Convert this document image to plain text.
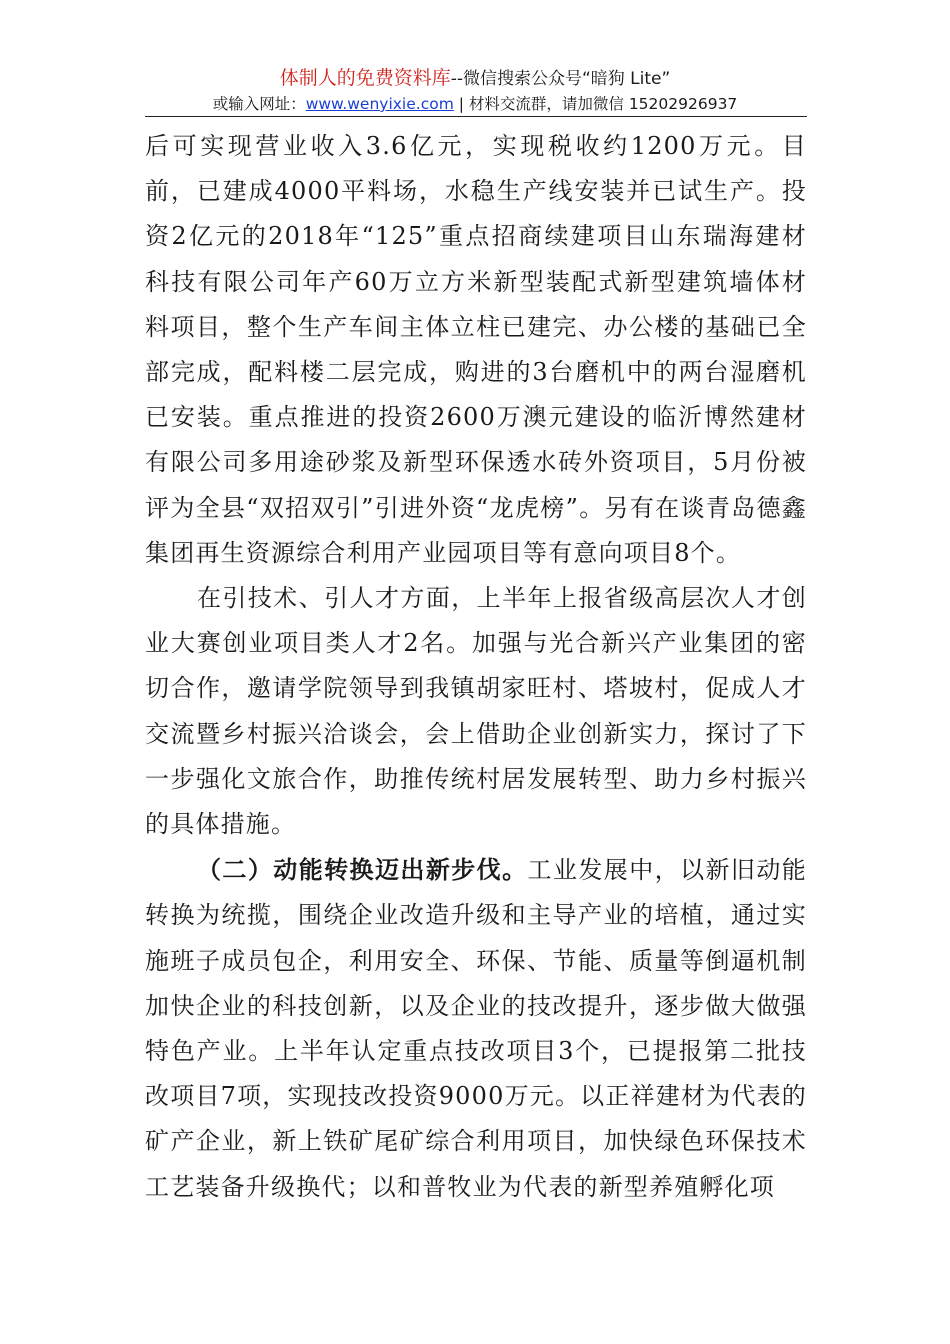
体制人的免费资料库--微信搜索公众号“暗狗 Lite”
或输入网址：www.wenyixie.com | 材料交流群，请加微信 15202926937

后可实现营业收入3.6亿元，实现税收约1200万元。目前，已建成4000平料场，水稳生产线安装并已试生产。投资2亿元的2018年“125”重点招商续建项目山东瑞海建材科技有限公司年产60万立方米新型装配式新型建筑墙体材料项目，整个生产车间主体立柱已建完、办公楼的基础已全部完成，配料楼二层完成，购进的3台磨机中的两台湿磨机已安装。重点推进的投资2600万澳元建设的临沂博然建材有限公司多用途砂浆及新型环保透水砖外资项目，5月份被评为全县“双招双引”引进外资“龙虎榜”。另有在谈青岛德鑫集团再生资源综合利用产业园项目等有意向项目8个。

在引技术、引人才方面，上半年上报省级高层次人才创业大赛创业项目类人才2名。加强与光合新兴产业集团的密切合作，邀请学院领导到我镇胡家旺村、塔坡村，促成人才交流暨乡村振兴洽谈会，会上借助企业创新实力，探讨了下一步强化文旅合作，助推传统村居发展转型、助力乡村振兴的具体措施。

（二）动能转换迈出新步伐。工业发展中，以新旧动能转换为统揽，围绕企业改造升级和主导产业的培植，通过实施班子成员包企，利用安全、环保、节能、质量等倒逼机制加快企业的科技创新，以及企业的技改提升，逐步做大做强特色产业。上半年认定重点技改项目3个，已提报第二批技改项目7项，实现技改投资9000万元。以正祥建材为代表的矿产企业，新上铁矿尾矿综合利用项目，加快绿色环保技术工艺装备升级换代；以和普牧业为代表的新型养殖孵化项
